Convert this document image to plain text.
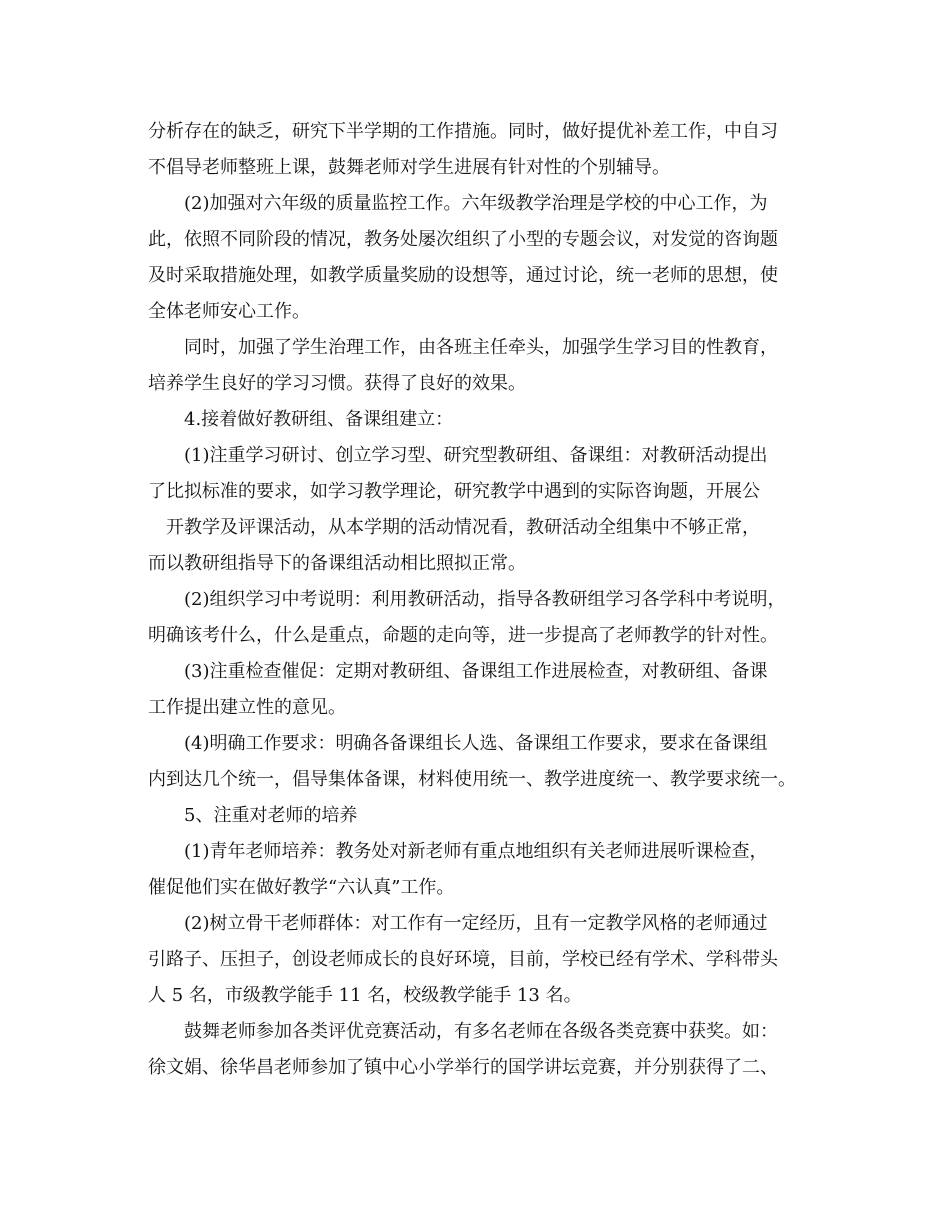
分析存在的缺乏，研究下半学期的工作措施。同时，做好提优补差工作，中自习
不倡导老师整班上课，鼓舞老师对学生进展有针对性的个别辅导。
(2)加强对六年级的质量监控工作。六年级教学治理是学校的中心工作，为
此，依照不同阶段的情况，教务处屡次组织了小型的专题会议，对发觉的咨询题
及时采取措施处理，如教学质量奖励的设想等，通过讨论，统一老师的思想，使
全体老师安心工作。
同时，加强了学生治理工作，由各班主任牵头，加强学生学习目的性教育，
培养学生良好的学习习惯。获得了良好的效果。
4.接着做好教研组、备课组建立：
(1)注重学习研讨、创立学习型、研究型教研组、备课组：对教研活动提出
了比拟标准的要求，如学习教学理论，研究教学中遇到的实际咨询题，开展公
开教学及评课活动，从本学期的活动情况看，教研活动全组集中不够正常，
而以教研组指导下的备课组活动相比照拟正常。
(2)组织学习中考说明：利用教研活动，指导各教研组学习各学科中考说明，
明确该考什么，什么是重点，命题的走向等，进一步提高了老师教学的针对性。
(3)注重检查催促：定期对教研组、备课组工作进展检查，对教研组、备课
工作提出建立性的意见。
(4)明确工作要求：明确各备课组长人选、备课组工作要求，要求在备课组
内到达几个统一，倡导集体备课，材料使用统一、教学进度统一、教学要求统一。
5、注重对老师的培养
(1)青年老师培养：教务处对新老师有重点地组织有关老师进展听课检查，
催促他们实在做好教学“六认真”工作。
(2)树立骨干老师群体：对工作有一定经历，且有一定教学风格的老师通过
引路子、压担子，创设老师成长的良好环境，目前，学校已经有学术、学科带头
人 5 名，市级教学能手 11 名，校级教学能手 13 名。
鼓舞老师参加各类评优竞赛活动，有多名老师在各级各类竞赛中获奖。如：
徐文娟、徐华昌老师参加了镇中心小学举行的国学讲坛竞赛，并分别获得了二、
